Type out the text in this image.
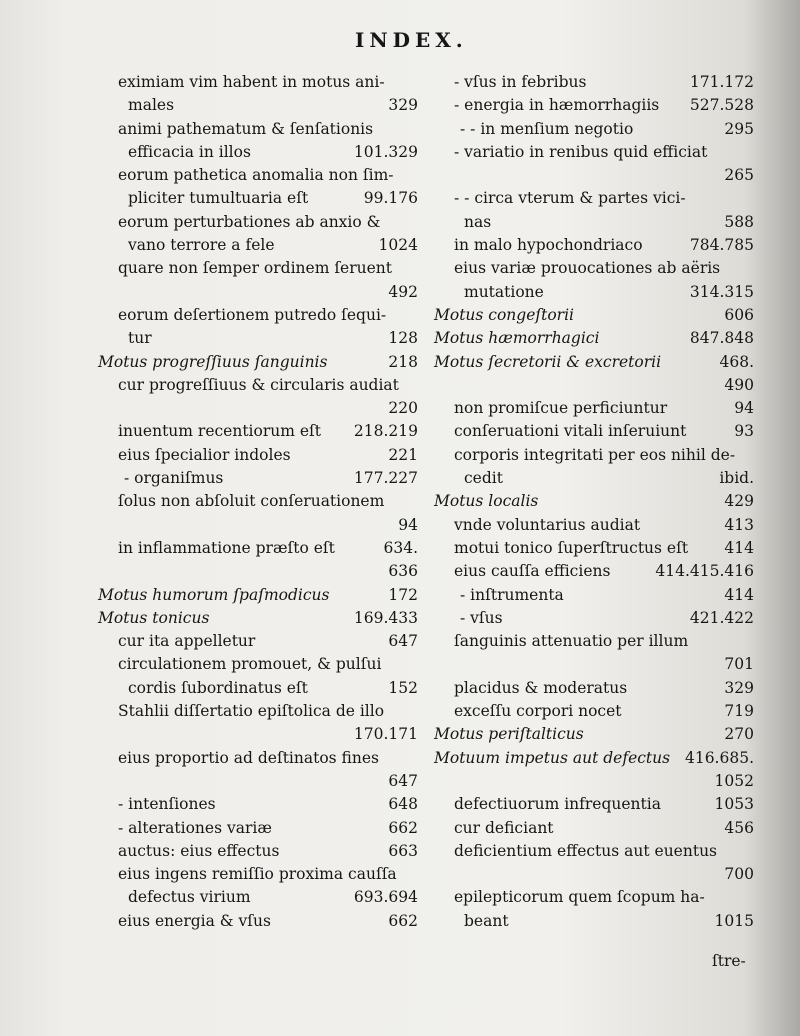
INDEX.
eximiam vim habent in motus ani-
males	329
animi pathematum & ſenſationis
efficacia in illos	101.329
eorum pathetica anomalia non ſim-
pliciter tumultuaria eſt	99.176
eorum perturbationes ab anxio &
vano terrore a fele	1024
quare non ſemper ordinem ſeruent
492
eorum deſertionem putredo ſequi-
tur	128
Motus progreſſiuus ſanguinis	218
cur progreſſiuus & circularis audiat
220
inuentum recentiorum eſt 218.219
eius ſpecialior indoles	221
- organiſmus	177.227
ſolus non abſoluit conſeruationem
94
in inflammatione præſto eſt	634.
636
Motus humorum ſpaſmodicus	172
Motus tonicus	169.433
cur ita appelletur	647
circulationem promouet, & pulſui
cordis ſubordinatus eſt	152
Stahlii diſſertatio epiſtolica de illo
170.171
eius proportio ad deſtinatos fines
647
- intenſiones	648
- alterationes variæ	662
auctus: eius effectus	663
eius ingens remiſſio proxima cauſſa
defectus virium	693.694
eius energia & vſus	662
- vſus in febribus	171.172
- energia in hæmorrhagiis 527.528
- - in menſium negotio	295
- variatio in renibus quid efficiat
265
- - circa vterum & partes vici-
nas	588
in malo hypochondriaco	784.785
eius variæ prouocationes ab aëris
mutatione	314.315
Motus congeſtorii	606
Motus hæmorrhagici	847.848
Motus ſecretorii & excretorii	468.
490
non promiſcue perficiuntur	94
conſeruationi vitali inſeruiunt	93
corporis integritati per eos nihil de-
cedit	ibid.
Motus localis	429
vnde voluntarius audiat	413
motui tonico ſuperſtructus eſt 414
eius cauſſa efficiens	414.415.416
- inſtrumenta	414
- vſus	421.422
ſanguinis attenuatio per illum
701
placidus & moderatus	329
exceſſu corpori nocet	719
Motus periſtalticus	270
Motuum impetus aut defectus 416.685.
1052
defectiuorum infrequentia	1053
cur deficiant	456
deficientium effectus aut euentus
700
epilepticorum quem ſcopum ha-
beant	1015
ſtre-
